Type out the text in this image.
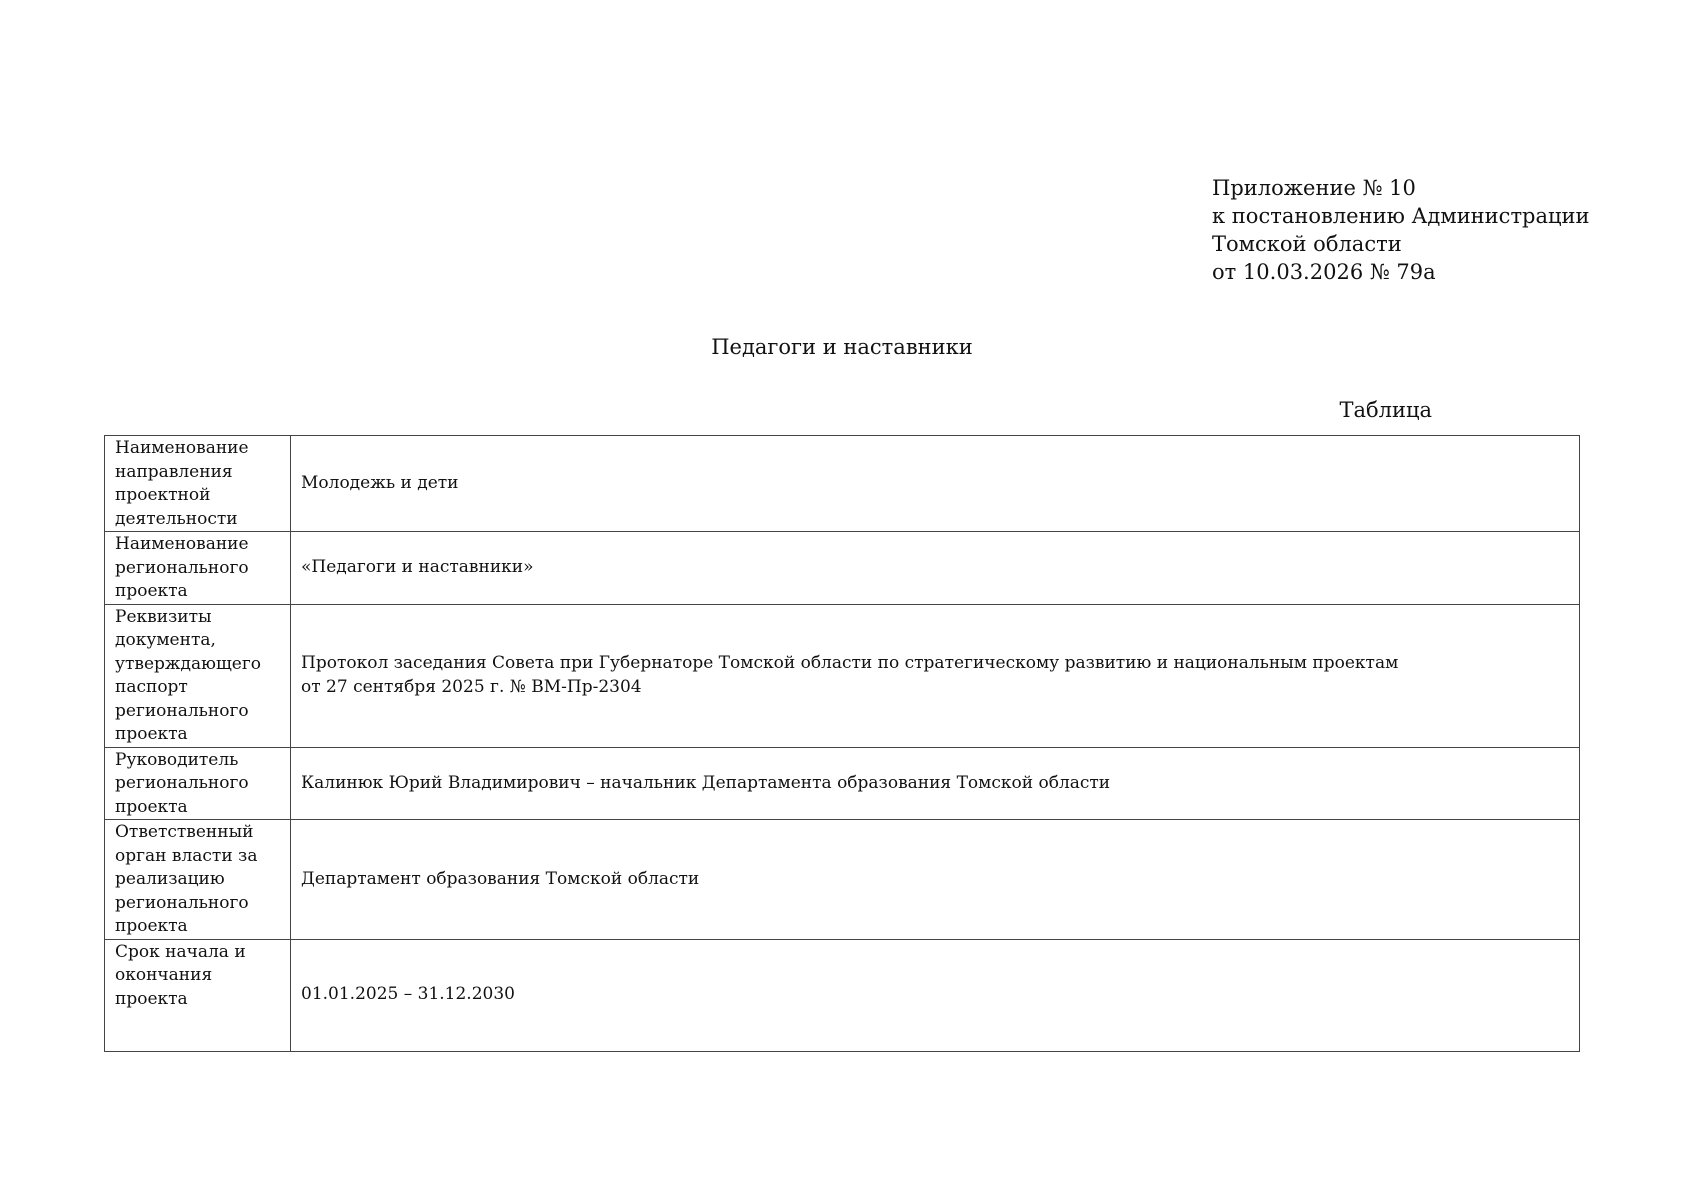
Приложение № 10
к постановлению Администрации
Томской области
от 10.03.2026 № 79а
Педагоги и наставники
Таблица
Наименование направления проектной деятельности	Молодежь и дети
Наименование регионального проекта	«Педагоги и наставники»
Реквизиты документа, утверждающего паспорт регионального проекта	Протокол заседания Совета при Губернаторе Томской области по стратегическому развитию и национальным проектам
от 27 сентября 2025 г. № ВМ-Пр-2304
Руководитель регионального проекта	Калинюк Юрий Владимирович – начальник Департамента образования Томской области
Ответственный орган власти за реализацию регионального проекта	Департамент образования Томской области
Срок начала и окончания проекта	01.01.2025 – 31.12.2030
